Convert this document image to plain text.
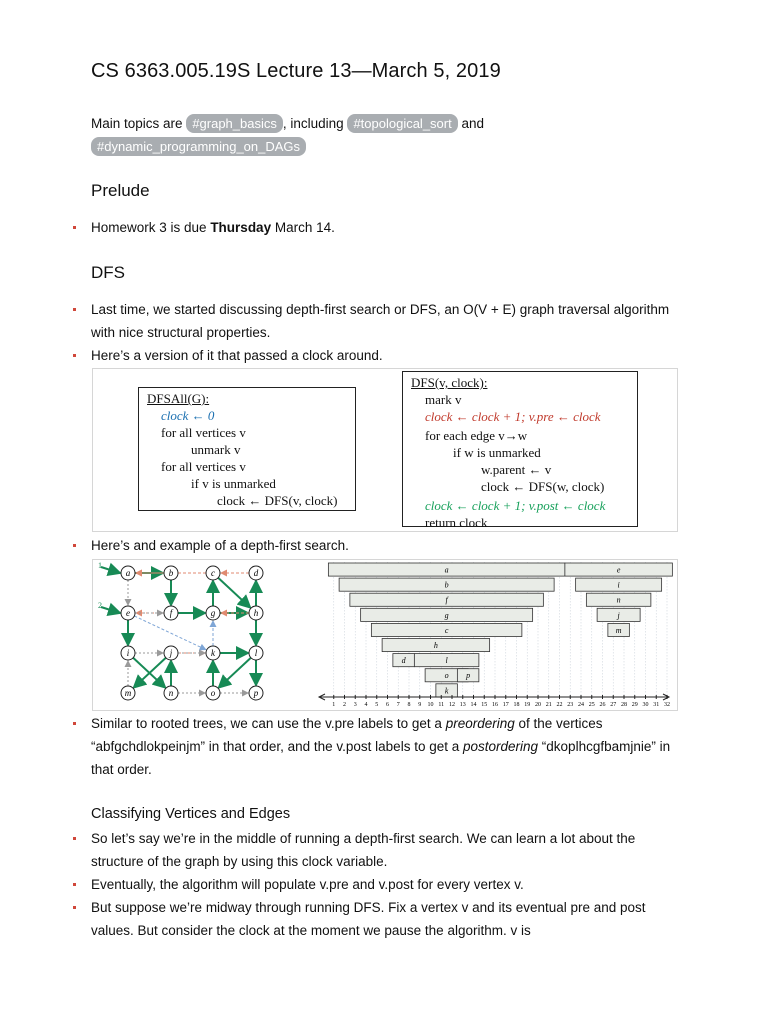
CS 6363.005.19S Lecture 13—March 5, 2019
Main topics are #graph_basics , including #topological_sort and
#dynamic_programming_on_DAGs
Prelude
Homework 3 is due Thursday March 14.
DFS
Last time, we started discussing depth-first search or DFS, an O(V + E) graph traversal algorithm with nice structural properties.
Here’s a version of it that passed a clock around.
DFSAll(G):
clock ← 0
for all vertices v
unmark v
for all vertices v
if v is unmarked
clock ← DFS(v, clock)
DFS(v, clock):
mark v
clock ← clock + 1; v.pre ← clock
for each edge v→w
if w is unmarked
w.parent ← v
clock ← DFS(w, clock)
clock ← clock + 1; v.post ← clock
return clock
Here’s and example of a depth-first search.
1
2
a	b	c	d
e	f	g	h
i	j	k	l
m	n	o	p
a
b
f
g
c
h
d	l
o
k
p
e
i
n
j
m
1 2 3 4 5 6 7 8 9 10 11 12 13 14 15 16 17 18 19 20 21 22 23 24 25 26 27 28 29 30 31 32
Similar to rooted trees, we can use the v.pre labels to get a preordering of the vertices “abfgchdlokpeinjm” in that order, and the v.post labels to get a postordering “dkoplhcgfbamjnie” in that order.
Classifying Vertices and Edges
So let’s say we’re in the middle of running a depth-first search. We can learn a lot about the structure of the graph by using this clock variable.
Eventually, the algorithm will populate v.pre and v.post for every vertex v.
But suppose we’re midway through running DFS. Fix a vertex v and its eventual pre and post values. But consider the clock at the moment we pause the algorithm. v is
